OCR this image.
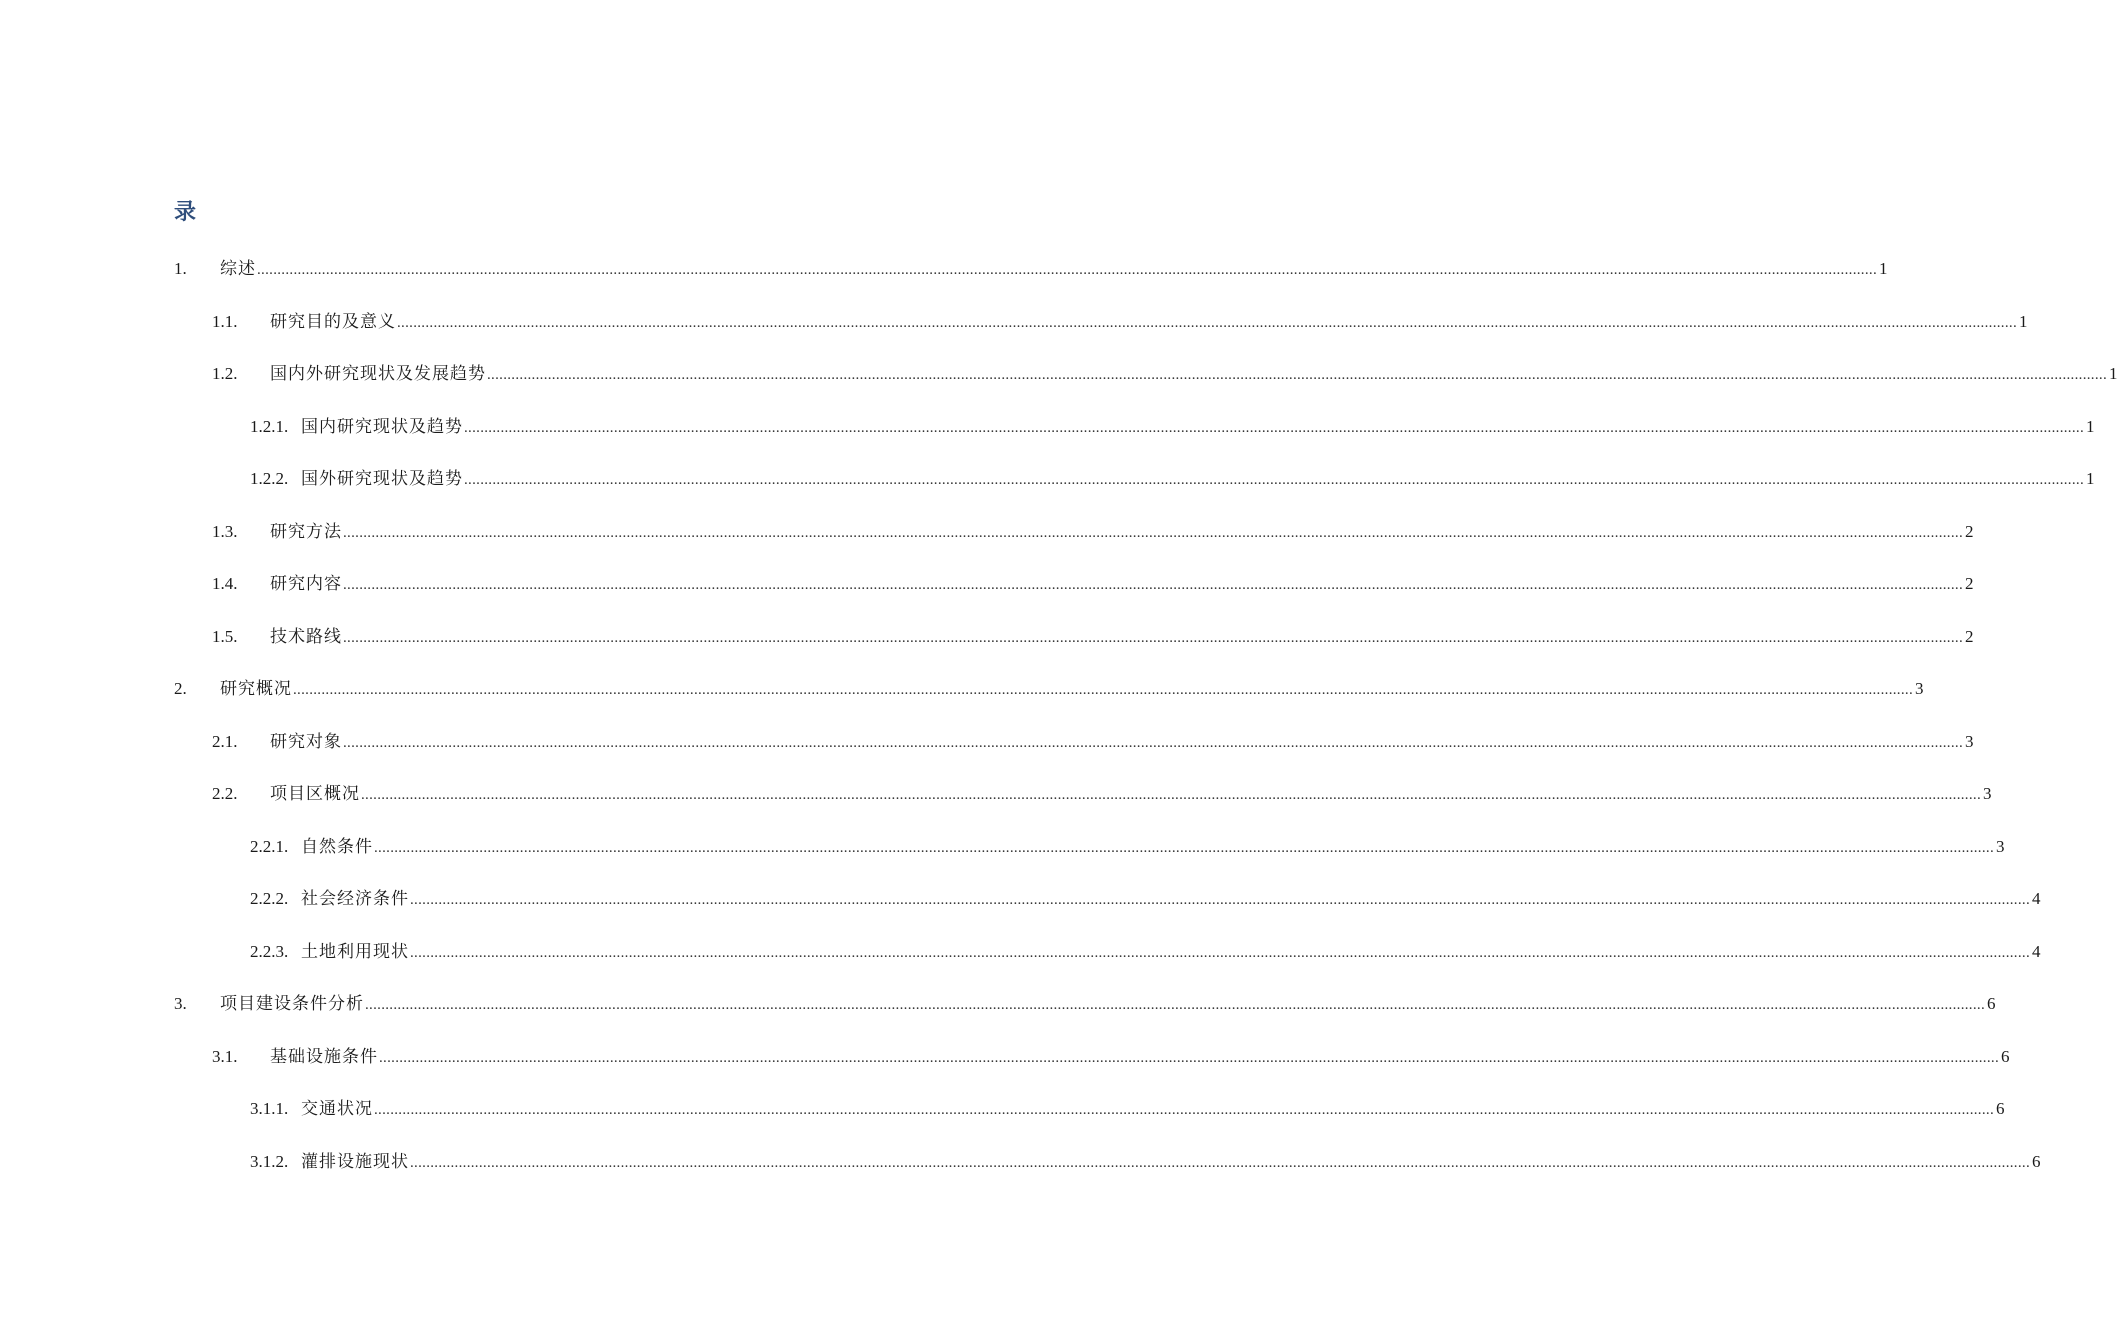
录
1.	综述 ................................................................................................................................................................................................................................................................................................................................................................................................................ 1
1.1.	研究目的及意义 ................................................................................................................................................................................................................................................................................................................................................................................................................ 1
1.2.	国内外研究现状及发展趋势 ................................................................................................................................................................................................................................................................................................................................................................................................................ 1
1.2.1. 国内研究现状及趋势 ................................................................................................................................................................................................................................................................................................................................................................................................................ 1
1.2.2. 国外研究现状及趋势 ................................................................................................................................................................................................................................................................................................................................................................................................................ 1
1.3.	研究方法 ................................................................................................................................................................................................................................................................................................................................................................................................................ 2
1.4.	研究内容 ................................................................................................................................................................................................................................................................................................................................................................................................................ 2
1.5.	技术路线 ................................................................................................................................................................................................................................................................................................................................................................................................................ 2
2.	研究概况 ................................................................................................................................................................................................................................................................................................................................................................................................................ 3
2.1.	研究对象 ................................................................................................................................................................................................................................................................................................................................................................................................................ 3
2.2.	项目区概况 ................................................................................................................................................................................................................................................................................................................................................................................................................ 3
2.2.1. 自然条件 ................................................................................................................................................................................................................................................................................................................................................................................................................ 3
2.2.2. 社会经济条件 ................................................................................................................................................................................................................................................................................................................................................................................................................ 4
2.2.3. 土地利用现状 ................................................................................................................................................................................................................................................................................................................................................................................................................ 4
3.	项目建设条件分析 ................................................................................................................................................................................................................................................................................................................................................................................................................ 6
3.1.	基础设施条件 ................................................................................................................................................................................................................................................................................................................................................................................................................ 6
3.1.1. 交通状况 ................................................................................................................................................................................................................................................................................................................................................................................................................ 6
3.1.2. 灌排设施现状 ................................................................................................................................................................................................................................................................................................................................................................................................................ 6
